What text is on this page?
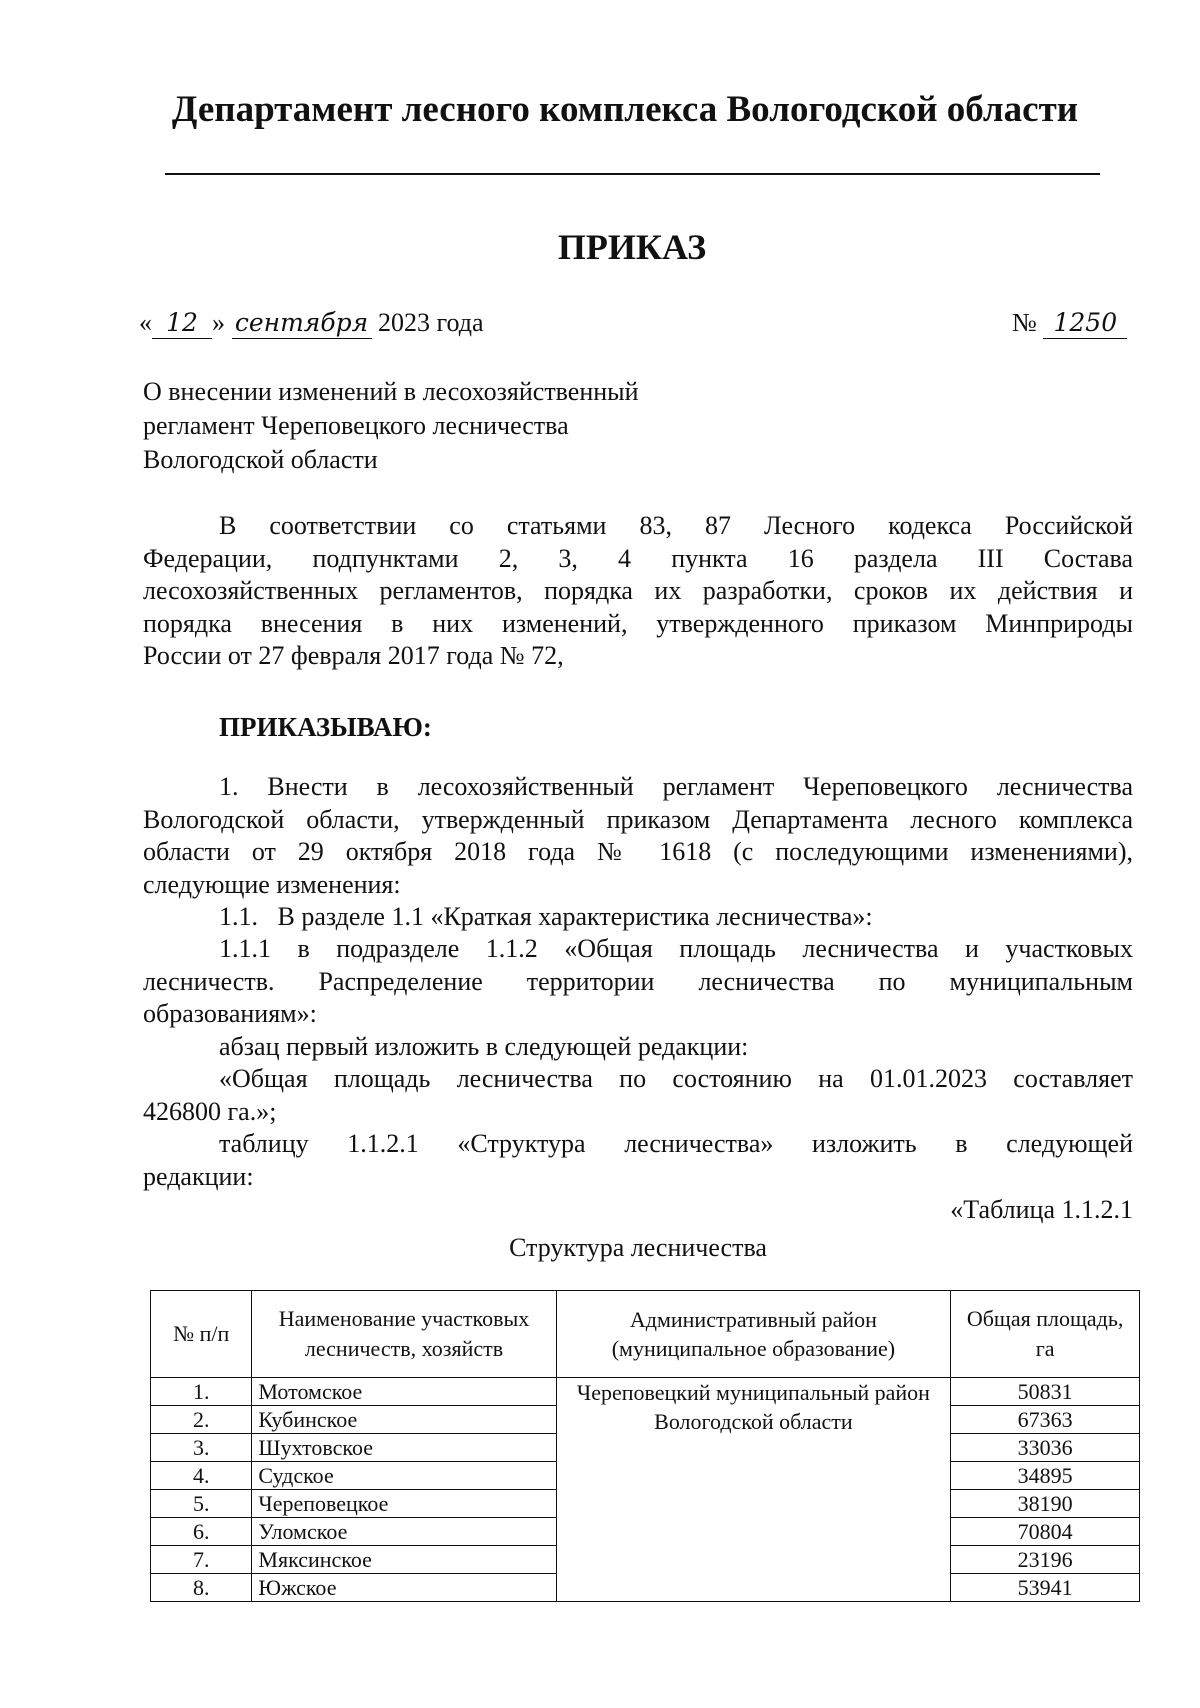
Департамент лесного комплекса Вологодской области
ПРИКАЗ
« 12 » сентября 2023 года	№ 1250
О внесении изменений в лесохозяйственный
регламент Череповецкого лесничества
Вологодской области
В соответствии со статьями 83, 87 Лесного кодекса Российской
Федерации, подпунктами 2, 3, 4 пункта 16 раздела III Состава
лесохозяйственных регламентов, порядка их разработки, сроков их действия и
порядка внесения в них изменений, утвержденного приказом Минприроды
России от 27 февраля 2017 года № 72,
ПРИКАЗЫВАЮ:
1. Внести в лесохозяйственный регламент Череповецкого лесничества
Вологодской области, утвержденный приказом Департамента лесного комплекса
области от 29 октября 2018 года № 1618 (с последующими изменениями),
следующие изменения:
1.1.   В разделе 1.1 «Краткая характеристика лесничества»:
1.1.1 в подразделе 1.1.2 «Общая площадь лесничества и участковых
лесничеств. Распределение территории лесничества по муниципальным
образованиям»:
абзац первый изложить в следующей редакции:
«Общая площадь лесничества по состоянию на 01.01.2023 составляет
426800 га.»;
таблицу 1.1.2.1 «Структура лесничества» изложить в следующей
редакции:
«Таблица 1.1.2.1
Структура лесничества
№ п/п	Наименование участковых лесничеств, хозяйств	Административный район (муниципальное образование)	Общая площадь, га
1.	Мотомское	Череповецкий муниципальный район Вологодской области	50831
2.	Кубинское		67363
3.	Шухтовское		33036
4.	Судское		34895
5.	Череповецкое		38190
6.	Уломское		70804
7.	Мяксинское		23196
8.	Южское		53941
